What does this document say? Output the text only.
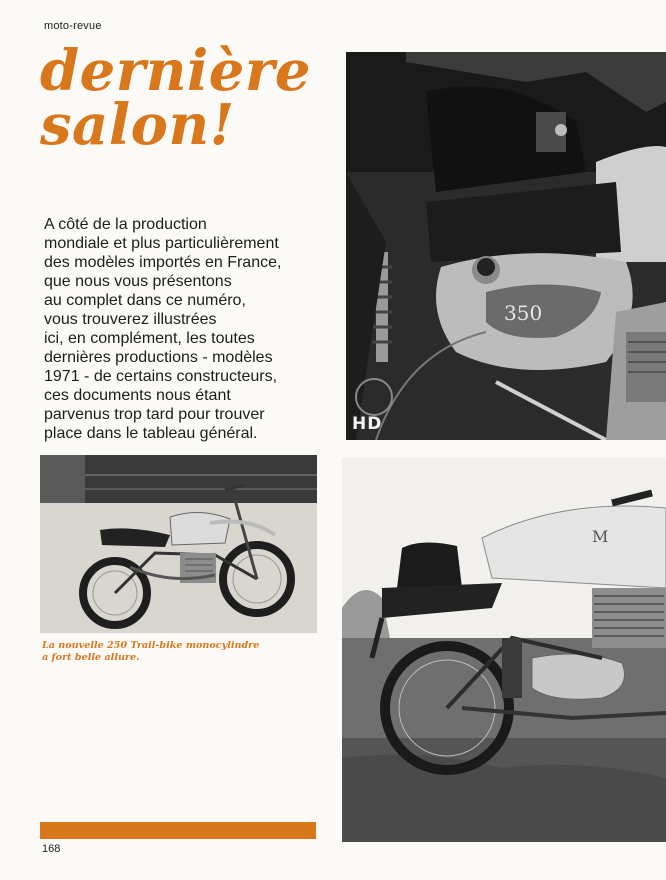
moto-revue
dernière
salon!
A côté de la production
mondiale et plus particulièrement
des modèles importés en France,
que nous vous présentons
au complet dans ce numéro,
vous trouverez illustrées
ici, en complément, les toutes
dernières productions - modèles
1971 - de certains constructeurs,
ces documents nous étant
parvenus trop tard pour trouver
place dans le tableau général.
350
HD
La nouvelle 250 Trail-bike monocylindre
a fort belle allure.
M
168
